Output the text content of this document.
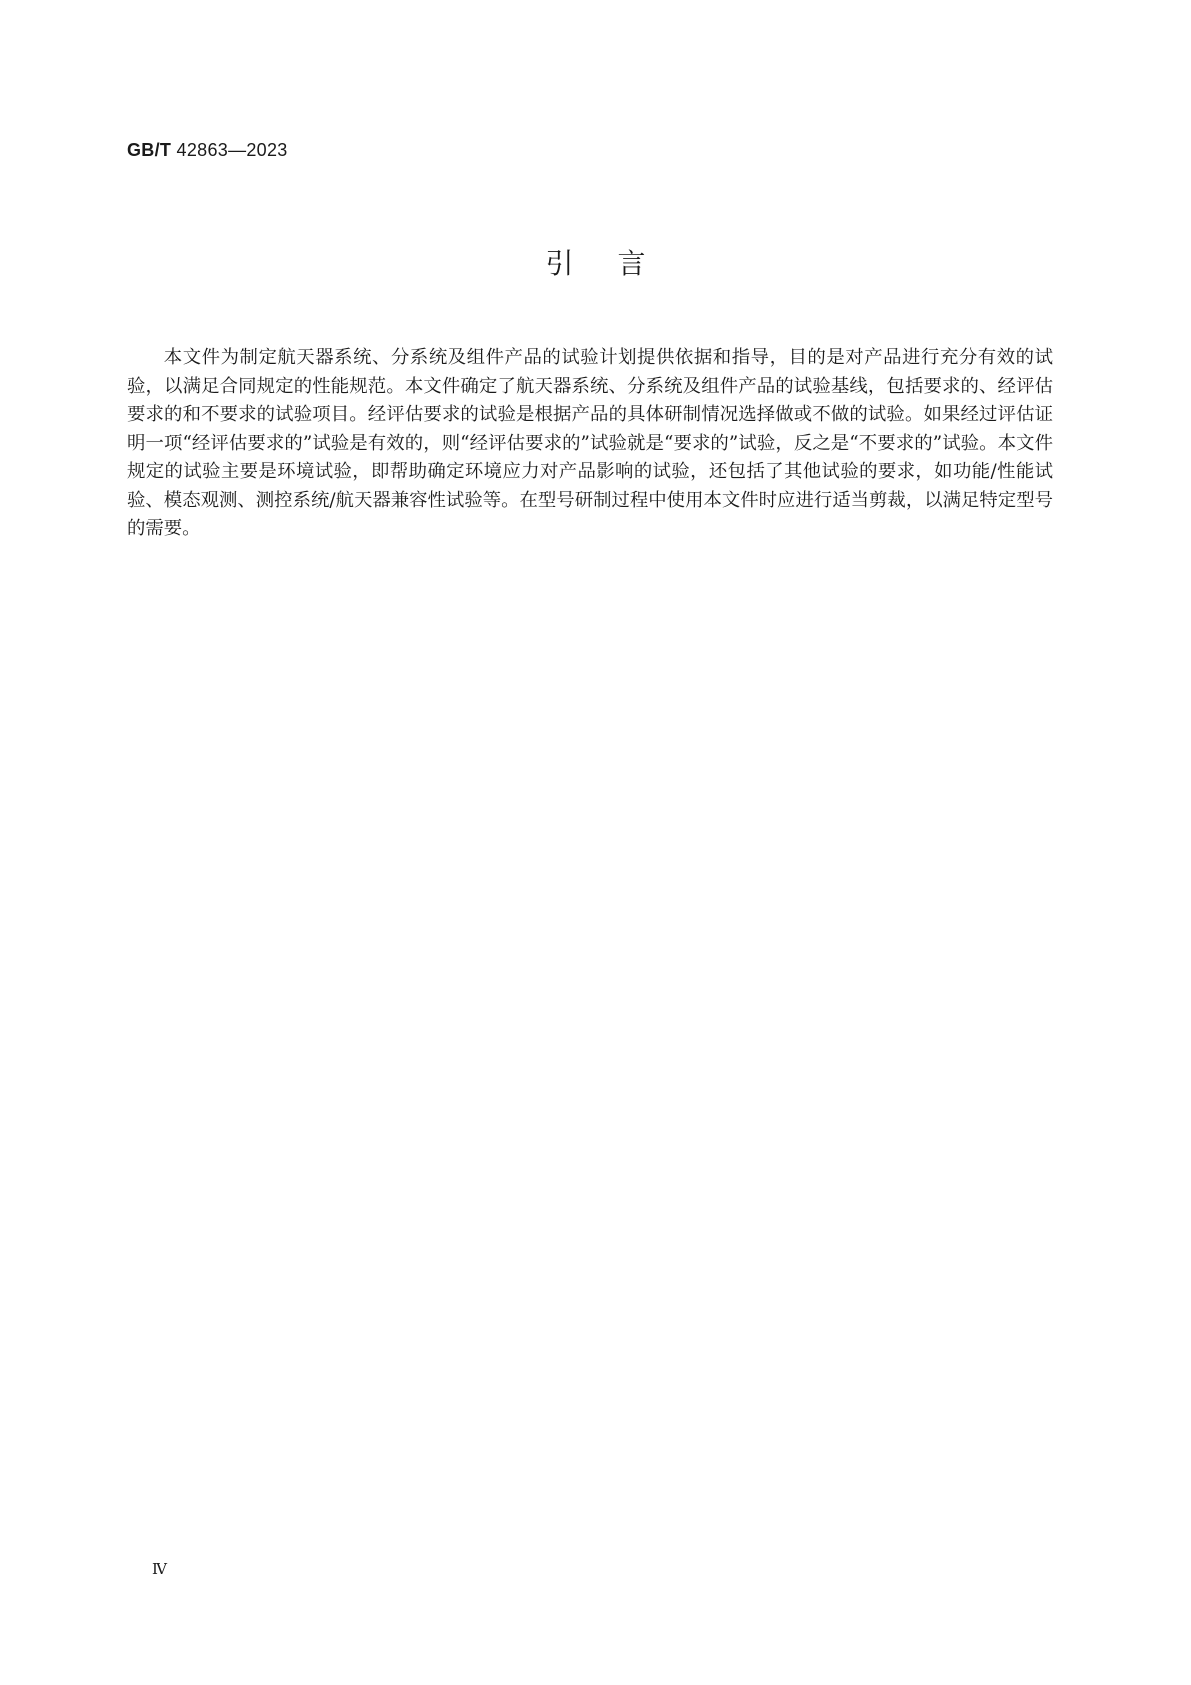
GB/T 42863—2023
引言

本文件为制定航天器系统、分系统及组件产品的试验计划提供依据和指导，目的是对产品进行充分有效的试验，以满足合同规定的性能规范。本文件确定了航天器系统、分系统及组件产品的试验基线，包括要求的、经评估要求的和不要求的试验项目。经评估要求的试验是根据产品的具体研制情况选择做或不做的试验。如果经过评估证明一项“经评估要求的”试验是有效的，则“经评估要求的”试验就是“要求的”试验，反之是“不要求的”试验。本文件规定的试验主要是环境试验，即帮助确定环境应力对产品影响的试验，还包括了其他试验的要求，如功能/性能试验、模态观测、测控系统/航天器兼容性试验等。在型号研制过程中使用本文件时应进行适当剪裁，以满足特定型号的需要。

Ⅳ
